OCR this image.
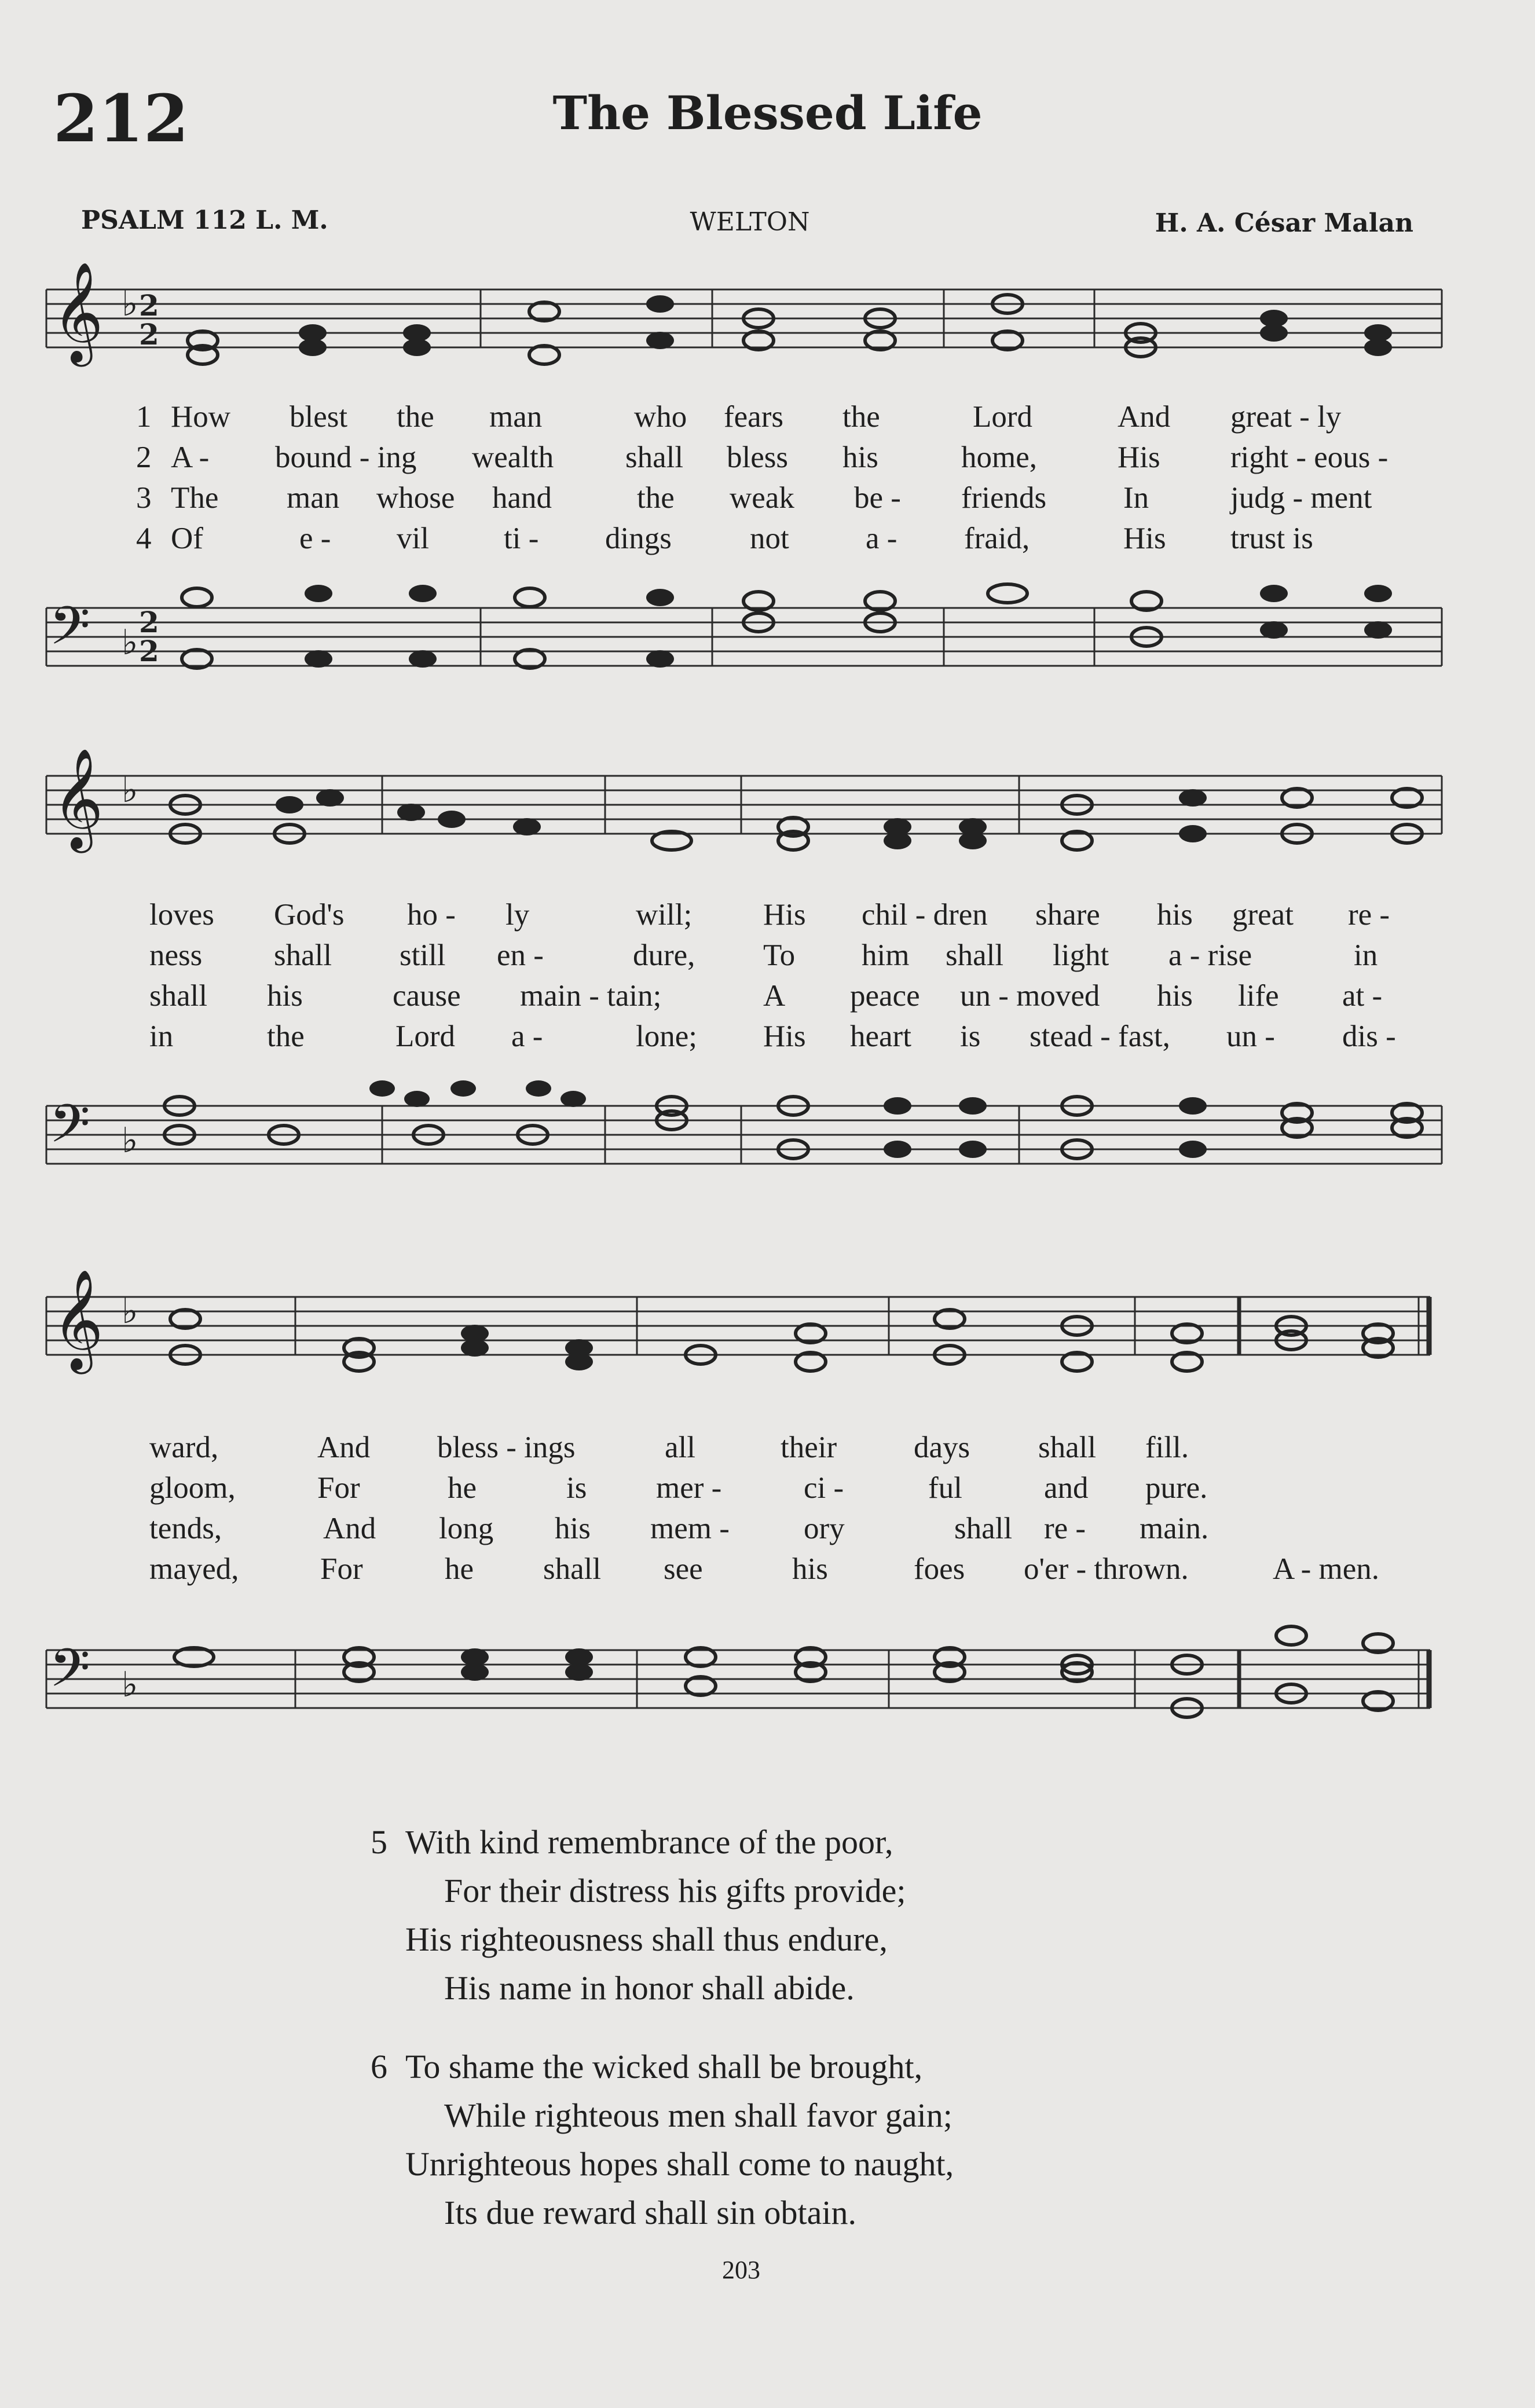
212	The Blessed Life
PSALM 112 L. M.	WELTON	H. A. César Malan
𝄞 ♭ 2
2
1 How blest the man	who fears the	Lord	And great - ly
2 A - bound - ing wealth shall bless his	home,	His right - eous -
3 The man whose hand	the weak be - friends	In	judg - ment
4 Of	e - vil ti - dings	not a - fraid,	His trust is
𝄢 ♭
2
2
𝄞 ♭
loves God's ho - ly	will; His chil - dren share his great re -
ness shall still en -	dure, To him shall light a - rise	in
shall his	cause main - tain;	A peace un - moved his life at -
in	the	Lord a -	lone; His heart is stead - fast, un - dis -
𝄢 ♭
𝄞 ♭
ward,	And bless - ings	all	their	days shall fill.
gloom,	For	he	is mer -	ci -	ful	and pure.
tends,	And long his mem - ory	shall re - main.
mayed,	For	he shall see	his	foes o'er - thrown.	A - men.
𝄢 ♭
5 With kind remembrance of the poor,
For their distress his gifts provide;
His righteousness shall thus endure,
His name in honor shall abide.
6 To shame the wicked shall be brought,
While righteous men shall favor gain;
Unrighteous hopes shall come to naught,
Its due reward shall sin obtain.
203
